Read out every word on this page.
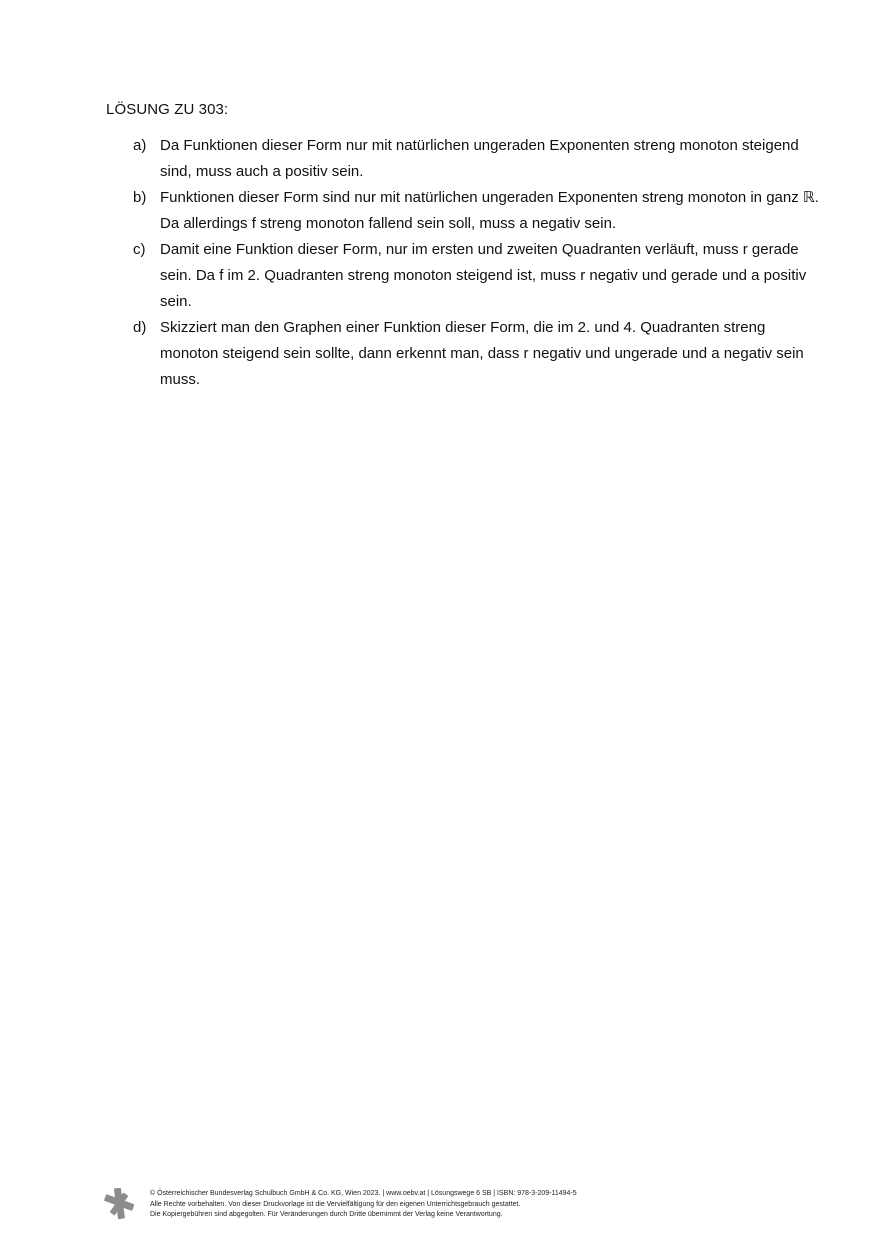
LÖSUNG ZU 303:
a) Da Funktionen dieser Form nur mit natürlichen ungeraden Exponenten streng monoton steigend sind, muss auch a positiv sein.
b) Funktionen dieser Form sind nur mit natürlichen ungeraden Exponenten streng monoton in ganz ℝ. Da allerdings f streng monoton fallend sein soll, muss a negativ sein.
c) Damit eine Funktion dieser Form, nur im ersten und zweiten Quadranten verläuft, muss r gerade sein. Da f im 2. Quadranten streng monoton steigend ist, muss r negativ und gerade und a positiv sein.
d) Skizziert man den Graphen einer Funktion dieser Form, die im 2. und 4. Quadranten streng monoton steigend sein sollte, dann erkennt man, dass r negativ und ungerade und a negativ sein muss.
© Österreichischer Bundesverlag Schulbuch GmbH & Co. KG, Wien 2023. | www.oebv.at | Lösungswege 6 SB | ISBN: 978-3-209-11494-5
Alle Rechte vorbehalten. Von dieser Druckvorlage ist die Vervielfältigung für den eigenen Unterrichtsgebrauch gestattet.
Die Kopiergebühren sind abgegolten. Für Veränderungen durch Dritte übernimmt der Verlag keine Verantwortung.
